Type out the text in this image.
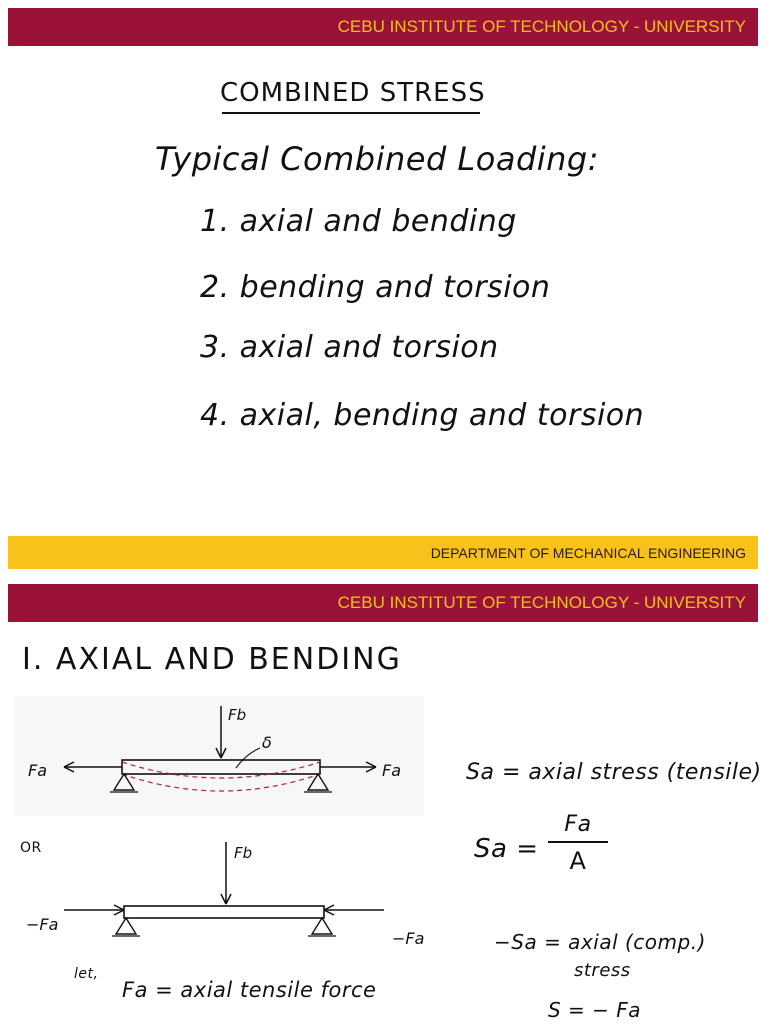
CEBU INSTITUTE OF TECHNOLOGY - UNIVERSITY
COMBINED STRESS
Typical Combined Loading:
1. axial and bending
2. bending and torsion
3. axial and torsion
4. axial, bending and torsion
DEPARTMENT OF MECHANICAL ENGINEERING
CEBU INSTITUTE OF TECHNOLOGY - UNIVERSITY
I. AXIAL AND BENDING
Fb
Fa	Fa
δ
OR	Fb
−Fa
−Fa
let,
Fa = axial tensile force
Sa = axial stress (tensile)
Sa =
Fa
A
−Sa = axial (comp.)
stress
S = − Fa
